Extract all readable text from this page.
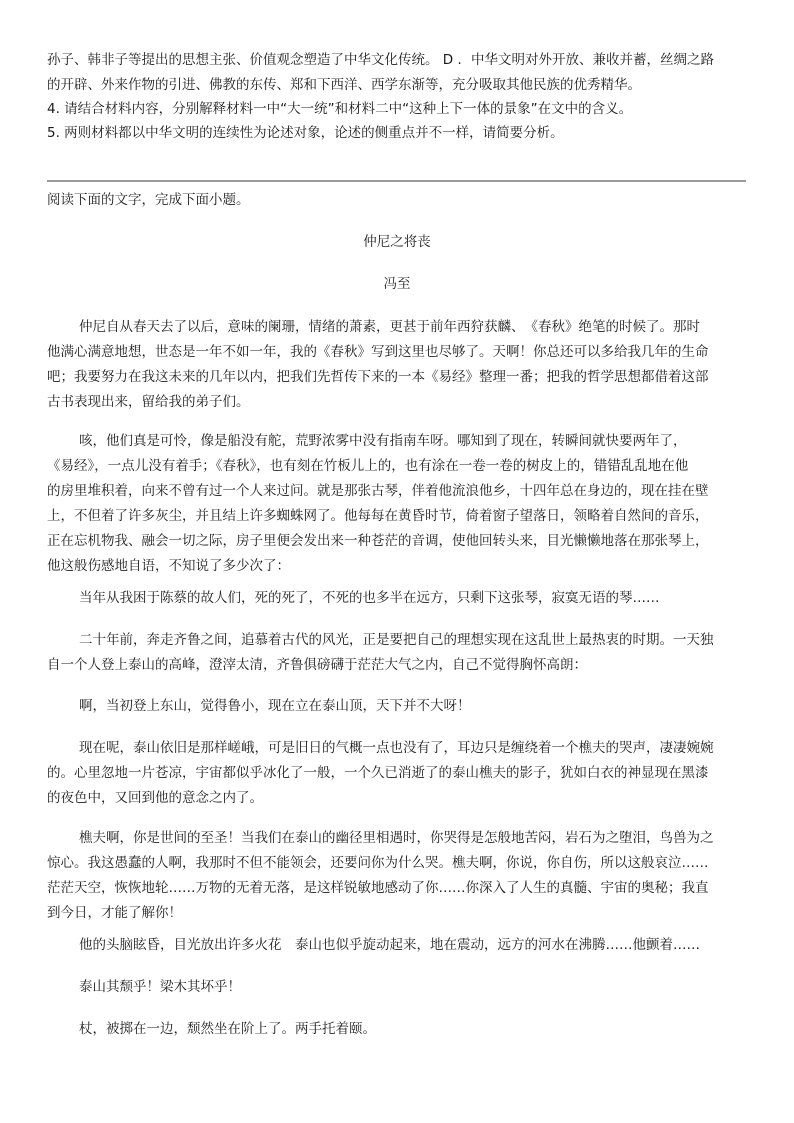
孙子、韩非子等提出的思想主张、价值观念塑造了中华文化传统。 D ．中华文明对外开放、兼收并蓄，丝绸之路
的开辟、外来作物的引进、佛教的东传、郑和下西洋、西学东渐等，充分吸取其他民族的优秀精华。
4. 请结合材料内容，分别解释材料一中“大一统”和材料二中“这种上下一体的景象”在文中的含义。
5. 两则材料都以中华文明的连续性为论述对象，论述的侧重点并不一样，请简要分析。
阅读下面的文字，完成下面小题。
仲尼之将丧
冯至
仲尼自从春天去了以后，意味的阑珊，情绪的萧素，更甚于前年西狩获麟、　《春秋》绝笔的时候了。那时
他满心满意地想，世态是一年不如一年，我的《春秋》写到这里也尽够了。天啊！你总还可以多给我几年的生命
吧；我要努力在我这未来的几年以内，把我们先哲传下来的一本《易经》整理一番；把我的哲学思想都借着这部
古书表现出来，留给我的弟子们。
咳，他们真是可怜，像是船没有舵，荒野浓雾中没有指南车呀。哪知到了现在，转瞬间就快要两年了，
《易经》，一点儿没有着手；《春秋》，也有刻在竹板儿上的，也有涂在一卷一卷的树皮上的，错错乱乱地在他
的房里堆积着，向来不曾有过一个人来过问。就是那张古琴，伴着他流浪他乡，十四年总在身边的，现在挂在壁
上，不但着了许多灰尘，并且结上许多蜘蛛网了。他每每在黄昏时节，倚着窗子望落日，领略着自然间的音乐，
正在忘机物我、融会一切之际，房子里便会发出来一种苍茫的音调，使他回转头来，目光懒懒地落在那张琴上，
他这般伤感地自语，不知说了多少次了：
当年从我困于陈蔡的故人们，死的死了，不死的也多半在远方，只剩下这张琴，寂寞无语的琴……
二十年前，奔走齐鲁之间，追慕着古代的风光，正是要把自己的理想实现在这乱世上最热衷的时期。一天独
自一个人登上泰山的高峰，澄滓太清，齐鲁俱磅礴于茫茫大气之内，自己不觉得胸怀高朗：
啊，当初登上东山，觉得鲁小，现在立在泰山顶，天下并不大呀！
现在呢，泰山依旧是那样嵯峨，可是旧日的气概一点也没有了，耳边只是缠绕着一个樵夫的哭声，凄凄婉婉
的。心里忽地一片苍凉，宇宙都似乎冰化了一般，一个久已消逝了的泰山樵夫的影子，犹如白衣的神显现在黑漆
的夜色中，又回到他的意念之内了。
樵夫啊，你是世间的至圣！当我们在泰山的幽径里相遇时，你哭得是怎般地苦闷，岩石为之堕泪，鸟兽为之
惊心。我这愚蠢的人啊，我那时不但不能领会，还要问你为什么哭。樵夫啊，你说，你自伤，所以这般哀泣……
茫茫天空，恢恢地轮……万物的无着无落，是这样锐敏地感动了你……你深入了人生的真髓、宇宙的奥秘；我直
到今日，才能了解你！
他的头脑眩昏，目光放出许多火花　泰山也似乎旋动起来，地在震动，远方的河水在沸腾……他颤着……
泰山其颓乎！梁木其坏乎！
杖，被掷在一边，颓然坐在阶上了。两手托着颐。
